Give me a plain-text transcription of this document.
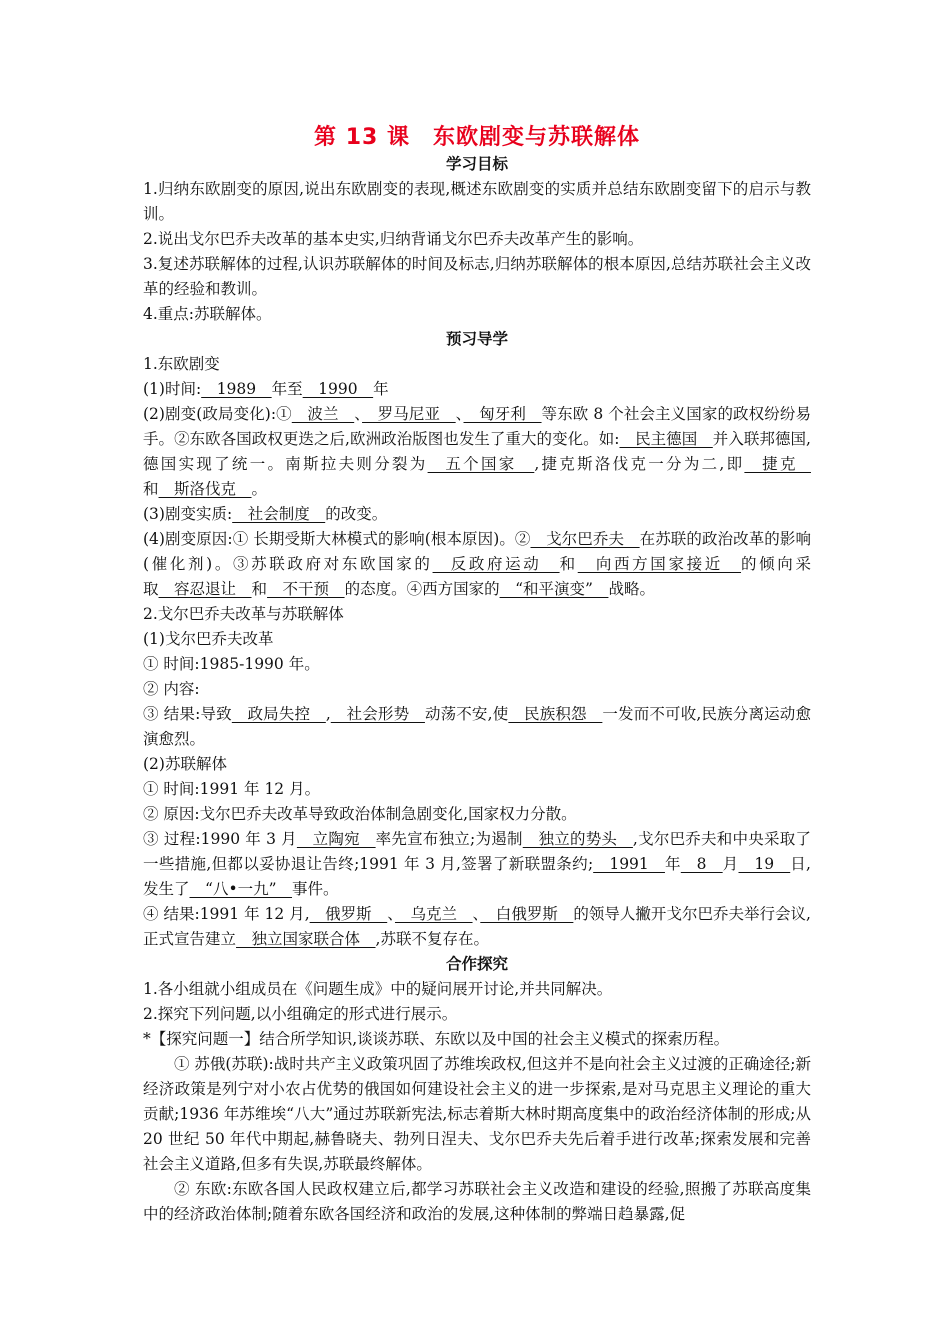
第 13 课　东欧剧变与苏联解体
学习目标

1.归纳东欧剧变的原因,说出东欧剧变的表现,概述东欧剧变的实质并总结东欧剧变留下的启示与教训。

2.说出戈尔巴乔夫改革的基本史实,归纳背诵戈尔巴乔夫改革产生的影响。

3.复述苏联解体的过程,认识苏联解体的时间及标志,归纳苏联解体的根本原因,总结苏联社会主义改革的经验和教训。

4.重点:苏联解体。

预习导学

1.东欧剧变

(1)时间:　1989　年至　1990　年

(2)剧变(政局变化):①　波兰　、　罗马尼亚　、　匈牙利　等东欧 8 个社会主义国家的政权纷纷易手。②东欧各国政权更迭之后,欧洲政治版图也发生了重大的变化。如:　民主德国　并入联邦德国,德国实现了统一。南斯拉夫则分裂为　五个国家　,捷克斯洛伐克一分为二,即　捷克　和　斯洛伐克　。

(3)剧变实质:　社会制度　的改变。

(4)剧变原因:① 长期受斯大林模式的影响(根本原因)。②　戈尔巴乔夫　在苏联的政治改革的影响(催化剂)。③苏联政府对东欧国家的　反政府运动　和　向西方国家接近　的倾向采取　容忍退让　和　不干预　的态度。④西方国家的　“和平演变”　战略。

2.戈尔巴乔夫改革与苏联解体

(1)戈尔巴乔夫改革

① 时间:1985-1990 年。

② 内容:

③ 结果:导致　政局失控　,　社会形势　动荡不安,使　民族积怨　一发而不可收,民族分离运动愈演愈烈。

(2)苏联解体

① 时间:1991 年 12 月。

② 原因:戈尔巴乔夫改革导致政治体制急剧变化,国家权力分散。

③ 过程:1990 年 3 月　立陶宛　率先宣布独立;为遏制　独立的势头　,戈尔巴乔夫和中央采取了一些措施,但都以妥协退让告终;1991 年 3 月,签署了新联盟条约;　1991　年　8　月　19　日,发生了　“八•一九”　事件。

④ 结果:1991 年 12 月,　俄罗斯　、　乌克兰　、　白俄罗斯　的领导人撇开戈尔巴乔夫举行会议,正式宣告建立　独立国家联合体　,苏联不复存在。

合作探究

1.各小组就小组成员在《问题生成》中的疑问展开讨论,并共同解决。

2.探究下列问题,以小组确定的形式进行展示。

*【探究问题一】结合所学知识,谈谈苏联、东欧以及中国的社会主义模式的探索历程。

① 苏俄(苏联):战时共产主义政策巩固了苏维埃政权,但这并不是向社会主义过渡的正确途径;新经济政策是列宁对小农占优势的俄国如何建设社会主义的进一步探索,是对马克思主义理论的重大贡献;1936 年苏维埃“八大”通过苏联新宪法,标志着斯大林时期高度集中的政治经济体制的形成;从 20 世纪 50 年代中期起,赫鲁晓夫、勃列日涅夫、戈尔巴乔夫先后着手进行改革;探索发展和完善社会主义道路,但多有失误,苏联最终解体。

② 东欧:东欧各国人民政权建立后,都学习苏联社会主义改造和建设的经验,照搬了苏联高度集中的经济政治体制;随着东欧各国经济和政治的发展,这种体制的弊端日趋暴露,促
